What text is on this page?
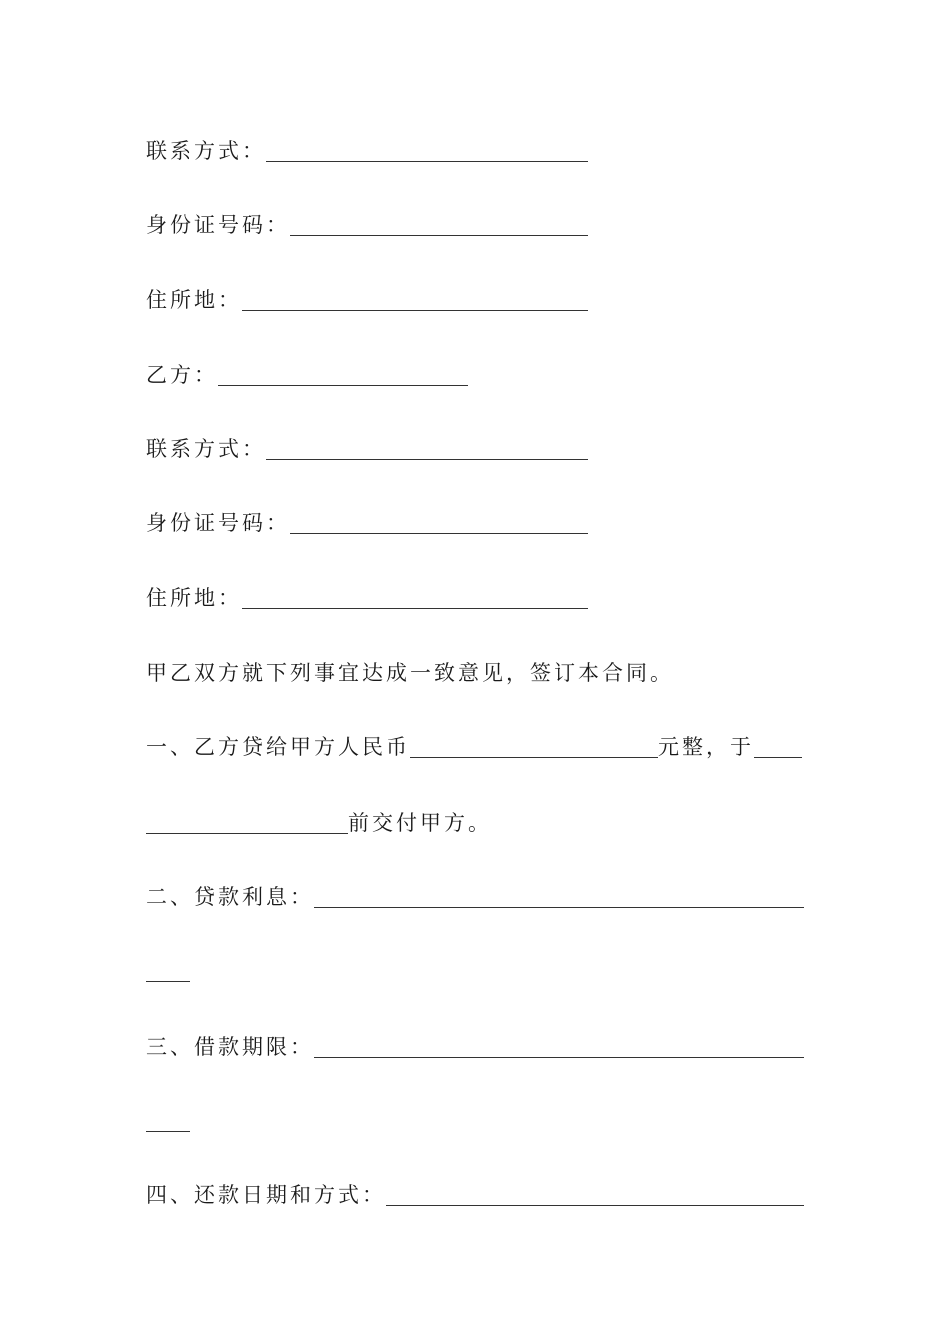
联系方式：
身份证号码：
住所地：
乙方：
联系方式：
身份证号码：
住所地：
甲乙双方就下列事宜达成一致意见，签订本合同。
一、乙方贷给甲方人民币	元整，于
前交付甲方。
二、贷款利息：
三、借款期限：
四、还款日期和方式：
